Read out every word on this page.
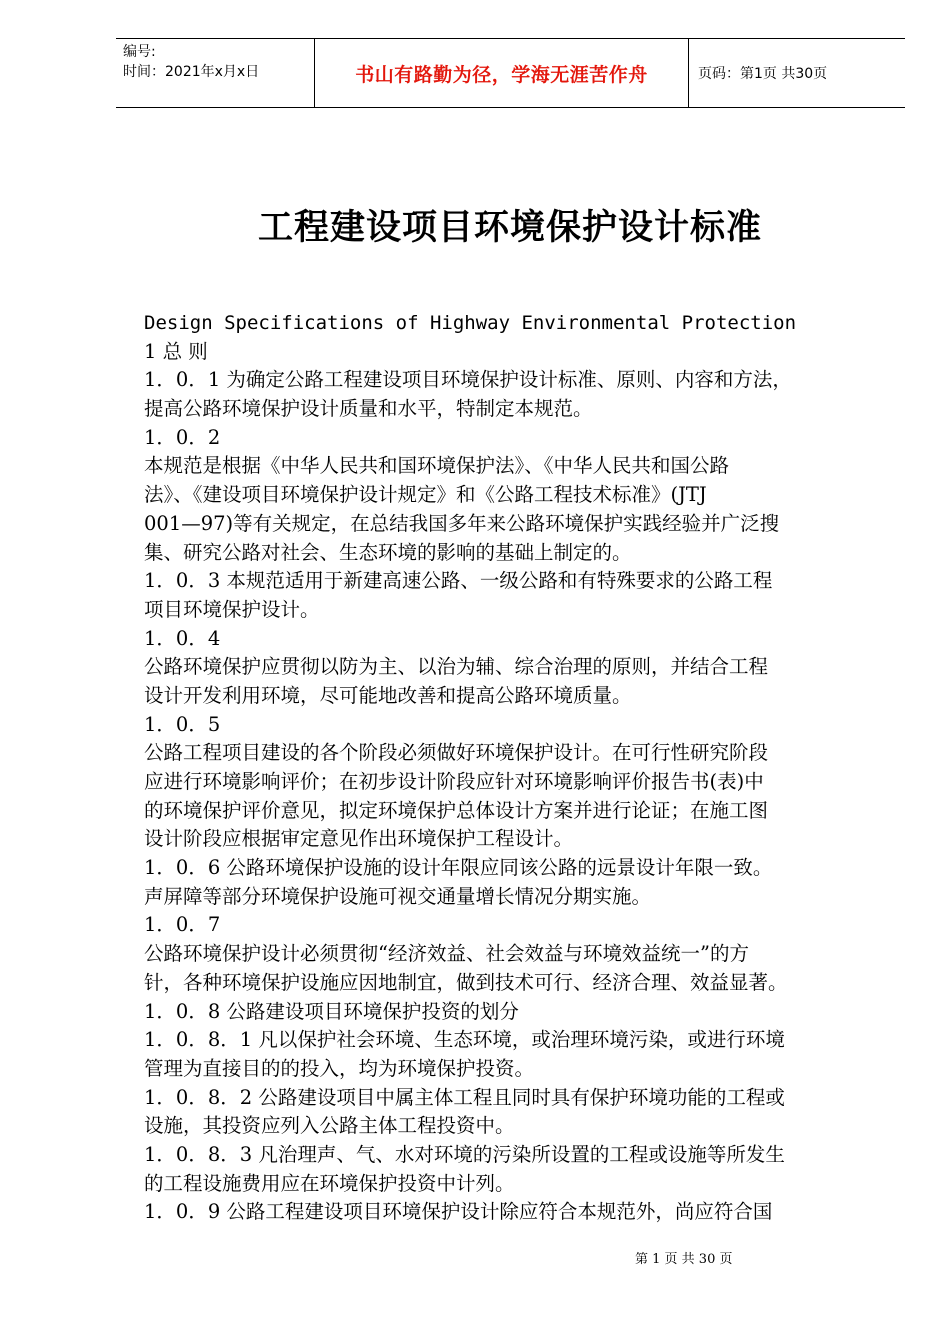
编号:
时间：2021年x月x日	书山有路勤为径，学海无涯苦作舟	页码：第1页 共30页
工程建设项目环境保护设计标准
Design Specifications of Highway Environmental Protection
1 总 则
1．0．1 为确定公路工程建设项目环境保护设计标准、原则、内容和方法，
提高公路环境保护设计质量和水平，特制定本规范。
1．0．2
本规范是根据《中华人民共和国环境保护法》、《中华人民共和国公路
法》、《建设项目环境保护设计规定》和《公路工程技术标准》(JTJ
001—97)等有关规定，在总结我国多年来公路环境保护实践经验并广泛搜
集、研究公路对社会、生态环境的影响的基础上制定的。
1．0．3 本规范适用于新建高速公路、一级公路和有特殊要求的公路工程
项目环境保护设计。
1．0．4
公路环境保护应贯彻以防为主、以治为辅、综合治理的原则，并结合工程
设计开发利用环境，尽可能地改善和提高公路环境质量。
1．0．5
公路工程项目建设的各个阶段必须做好环境保护设计。在可行性研究阶段
应进行环境影响评价；在初步设计阶段应针对环境影响评价报告书(表)中
的环境保护评价意见，拟定环境保护总体设计方案并进行论证；在施工图
设计阶段应根据审定意见作出环境保护工程设计。
1．0．6 公路环境保护设施的设计年限应同该公路的远景设计年限一致。
声屏障等部分环境保护设施可视交通量增长情况分期实施。
1．0．7
公路环境保护设计必须贯彻“经济效益、社会效益与环境效益统一”的方
针，各种环境保护设施应因地制宜，做到技术可行、经济合理、效益显著。
1．0．8 公路建设项目环境保护投资的划分
1．0．8．1 凡以保护社会环境、生态环境，或治理环境污染，或进行环境
管理为直接目的的投入，均为环境保护投资。
1．0．8．2 公路建设项目中属主体工程且同时具有保护环境功能的工程或
设施，其投资应列入公路主体工程投资中。
1．0．8．3 凡治理声、气、水对环境的污染所设置的工程或设施等所发生
的工程设施费用应在环境保护投资中计列。
1．0．9 公路工程建设项目环境保护设计除应符合本规范外，尚应符合国
第 1 页 共 30 页
